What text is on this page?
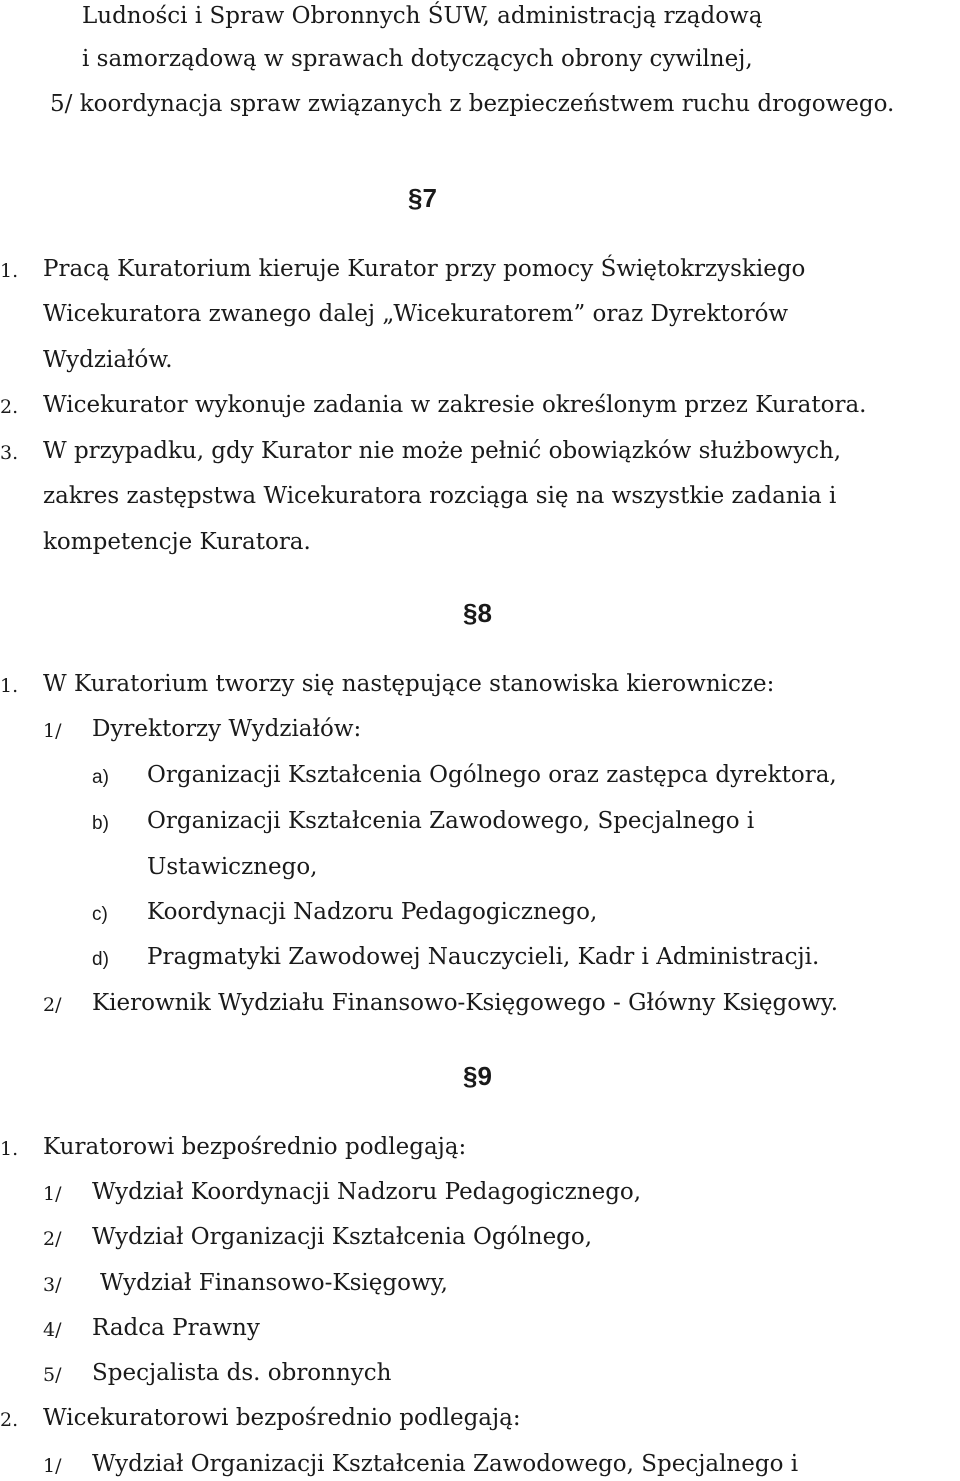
Ludności i Spraw Obronnych ŚUW, administracją rządową
i samorządową w sprawach dotyczących obrony cywilnej,
5/ koordynacja spraw związanych z bezpieczeństwem ruchu drogowego.
§7
1. Pracą Kuratorium kieruje Kurator przy pomocy Świętokrzyskiego
Wicekuratora zwanego dalej „Wicekuratorem” oraz Dyrektorów
Wydziałów.
2. Wicekurator wykonuje zadania w zakresie określonym przez Kuratora.
3. W przypadku, gdy Kurator nie może pełnić obowiązków służbowych,
zakres zastępstwa Wicekuratora rozciąga się na wszystkie zadania i
kompetencje Kuratora.
§8
1. W Kuratorium tworzy się następujące stanowiska kierownicze:
1/ Dyrektorzy Wydziałów:
a) Organizacji Kształcenia Ogólnego oraz zastępca dyrektora,
b) Organizacji Kształcenia Zawodowego, Specjalnego i
Ustawicznego,
c) Koordynacji Nadzoru Pedagogicznego,
d) Pragmatyki Zawodowej Nauczycieli, Kadr i Administracji.
2/ Kierownik Wydziału Finansowo-Księgowego - Główny Księgowy.
§9
1. Kuratorowi bezpośrednio podlegają:
1/ Wydział Koordynacji Nadzoru Pedagogicznego,
2/ Wydział Organizacji Kształcenia Ogólnego,
3/ Wydział Finansowo-Księgowy,
4/ Radca Prawny
5/ Specjalista ds. obronnych
2. Wicekuratorowi bezpośrednio podlegają:
1/ Wydział Organizacji Kształcenia Zawodowego, Specjalnego i
